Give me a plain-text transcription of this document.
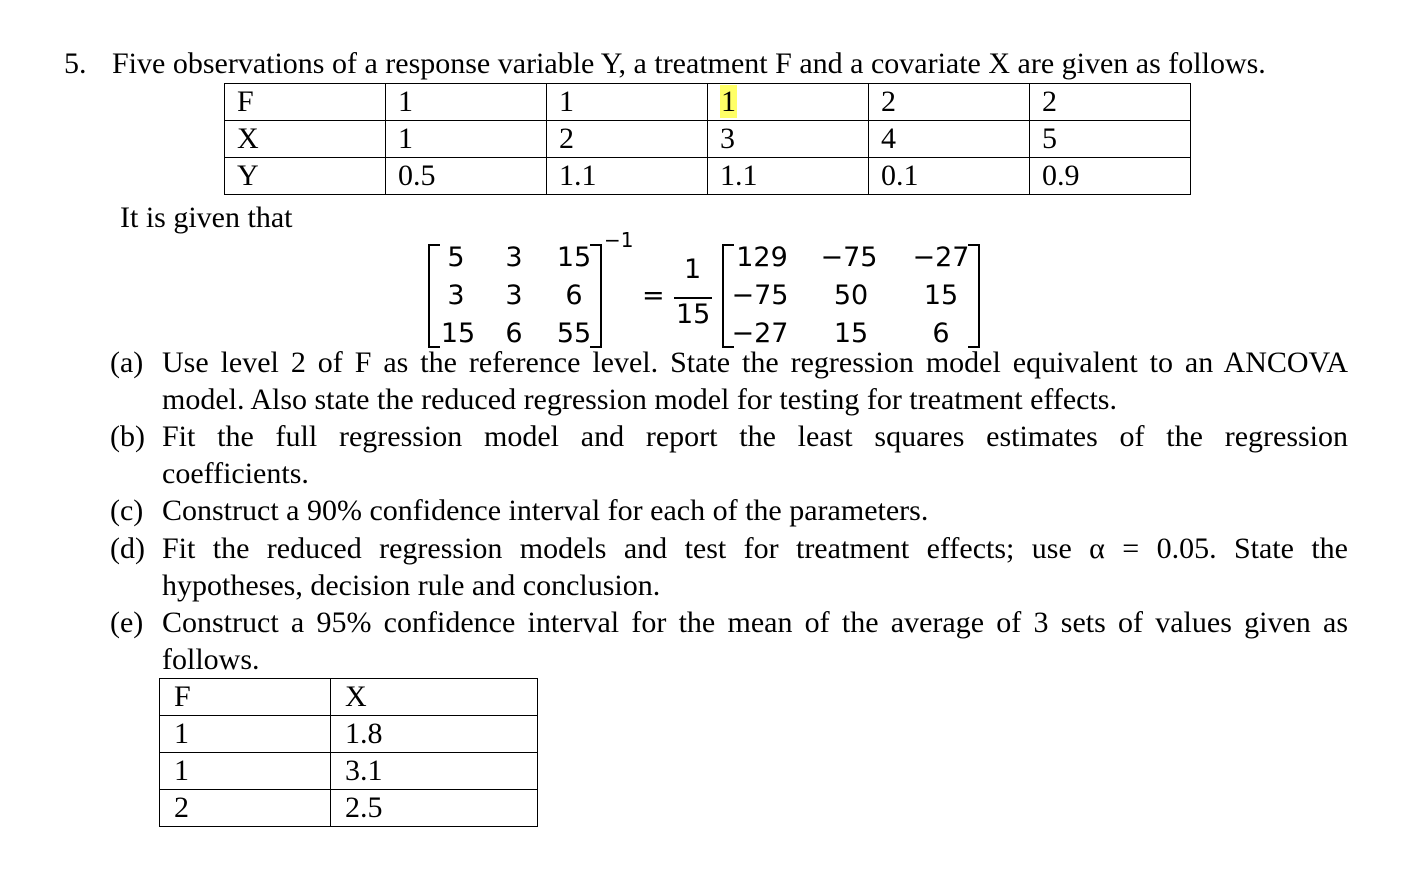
5. Five observations of a response variable Y, a treatment F and a covariate X are given as follows.
F	1	1	1	2	2
X	1	2	3	4	5
Y	0.5	1.1	1.1	0.1	0.9
It is given that
5	3	15
3	3	6
15	6	55
−1
=
1
15
129 −75 −27
−75	50	15
−27	15	6
(a) Use level 2 of F as the reference level. State the regression model equivalent to an ANCOVA
model. Also state the reduced regression model for testing for treatment effects.
(b) Fit the full regression model and report the least squares estimates of the regression
coefficients.
(c) Construct a 90% confidence interval for each of the parameters.
(d) Fit the reduced regression models and test for treatment effects; use α = 0.05. State the
hypotheses, decision rule and conclusion.
(e) Construct a 95% confidence interval for the mean of the average of 3 sets of values given as
follows.
F	X
1	1.8
1	3.1
2	2.5
